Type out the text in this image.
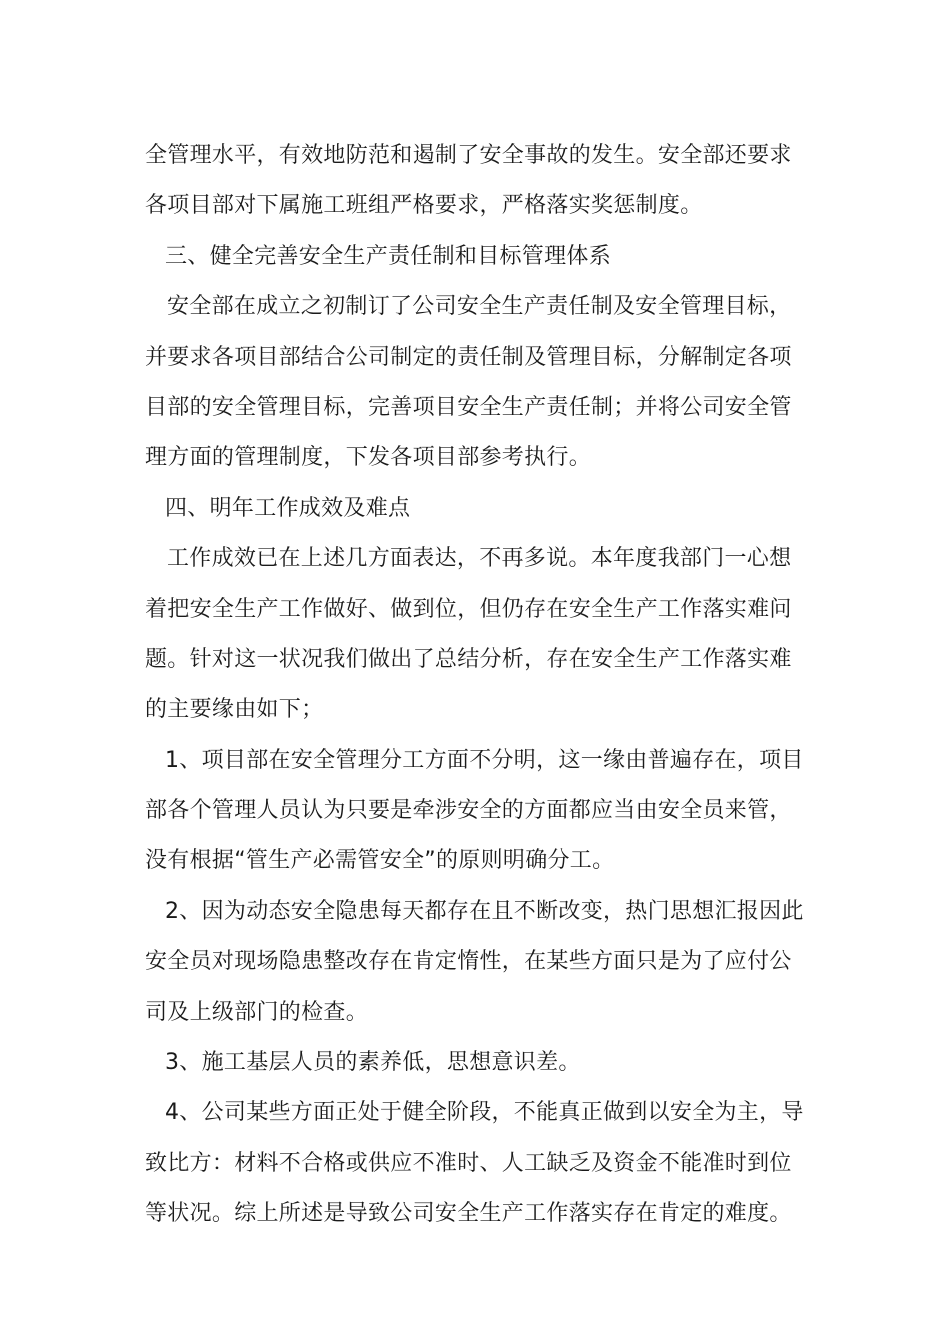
全管理水平，有效地防范和遏制了安全事故的发生。安全部还要求
各项目部对下属施工班组严格要求，严格落实奖惩制度。

三、健全完善安全生产责任制和目标管理体系

安全部在成立之初制订了公司安全生产责任制及安全管理目标，
并要求各项目部结合公司制定的责任制及管理目标，分解制定各项
目部的安全管理目标，完善项目安全生产责任制；并将公司安全管
理方面的管理制度，下发各项目部参考执行。

四、明年工作成效及难点

工作成效已在上述几方面表达，不再多说。本年度我部门一心想
着把安全生产工作做好、做到位，但仍存在安全生产工作落实难问
题。针对这一状况我们做出了总结分析，存在安全生产工作落实难
的主要缘由如下；

1、项目部在安全管理分工方面不分明，这一缘由普遍存在，项目
部各个管理人员认为只要是牵涉安全的方面都应当由安全员来管，
没有根据“管生产必需管安全”的原则明确分工。

2、因为动态安全隐患每天都存在且不断改变，热门思想汇报因此
安全员对现场隐患整改存在肯定惰性，在某些方面只是为了应付公
司及上级部门的检查。

3、施工基层人员的素养低，思想意识差。

4、公司某些方面正处于健全阶段，不能真正做到以安全为主，导
致比方：材料不合格或供应不准时、人工缺乏及资金不能准时到位
等状况。综上所述是导致公司安全生产工作落实存在肯定的难度。
